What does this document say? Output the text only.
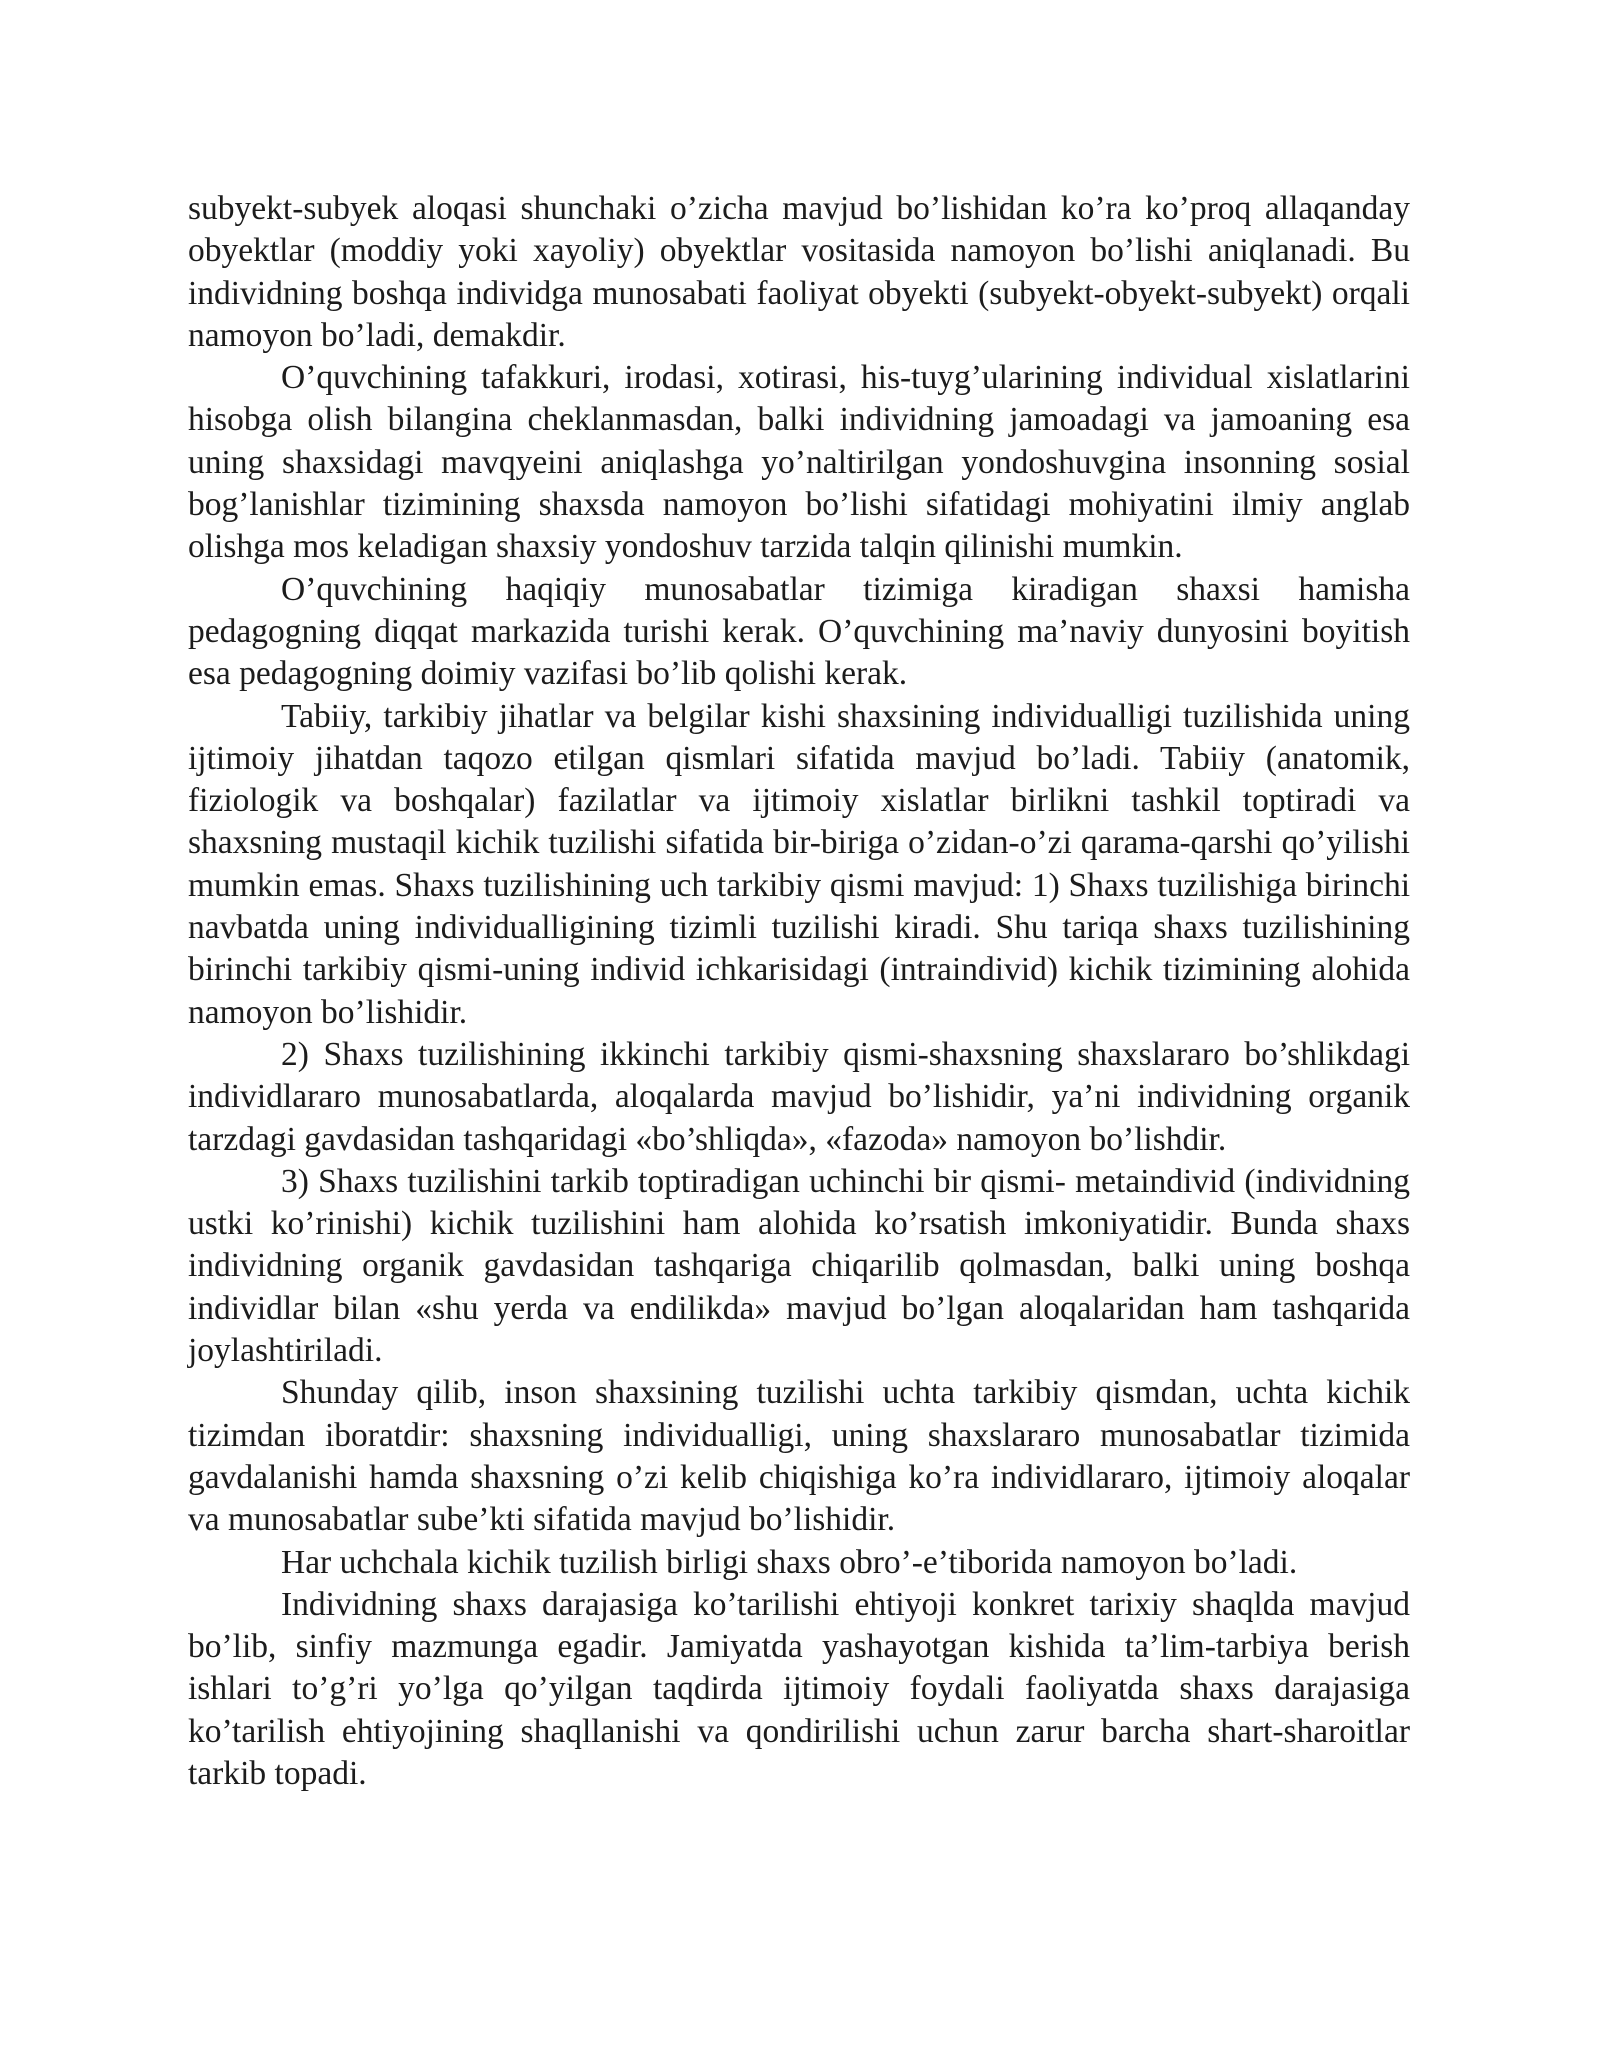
subyekt-subyek aloqasi shunchaki o’zicha mavjud bo’lishidan ko’ra ko’proq allaqanday obyektlar (moddiy yoki xayoliy) obyektlar vositasida namoyon bo’lishi aniqlanadi. Bu individning boshqa individga munosabati faoliyat obyekti (subyekt-obyekt-subyekt) orqali namoyon bo’ladi, demakdir.

O’quvchining tafakkuri, irodasi, xotirasi, his-tuyg’ularining individual xislatlarini hisobga olish bilangina cheklanmasdan, balki individning jamoadagi va jamoaning esa uning shaxsidagi mavqyeini aniqlashga yo’naltirilgan yondoshuvgina insonning sosial bog’lanishlar tizimining shaxsda namoyon bo’lishi sifatidagi mohiyatini ilmiy anglab olishga mos keladigan shaxsiy yondoshuv tarzida talqin qilinishi mumkin.

O’quvchining haqiqiy munosabatlar tizimiga kiradigan shaxsi hamisha pedagogning diqqat markazida turishi kerak. O’quvchining ma’naviy dunyosini boyitish esa pedagogning doimiy vazifasi bo’lib qolishi kerak.

Tabiiy, tarkibiy jihatlar va belgilar kishi shaxsining individualligi tuzilishida uning ijtimoiy jihatdan taqozo etilgan qismlari sifatida mavjud bo’ladi. Tabiiy (anatomik, fiziologik va boshqalar) fazilatlar va ijtimoiy xislatlar birlikni tashkil toptiradi va shaxsning mustaqil kichik tuzilishi sifatida bir-biriga o’zidan-o’zi qarama-qarshi qo’yilishi mumkin emas. Shaxs tuzilishining uch tarkibiy qismi mavjud: 1) Shaxs tuzilishiga birinchi navbatda uning individualligining tizimli tuzilishi kiradi. Shu tariqa shaxs tuzilishining birinchi tarkibiy qismi-uning individ ichkarisidagi (intraindivid) kichik tizimining alohida namoyon bo’lishidir.

2) Shaxs tuzilishining ikkinchi tarkibiy qismi-shaxsning shaxslararo bo’shlikdagi individlararo munosabatlarda, aloqalarda mavjud bo’lishidir, ya’ni individning organik tarzdagi gavdasidan tashqaridagi «bo’shliqda», «fazoda» namoyon bo’lishdir.

3) Shaxs tuzilishini tarkib toptiradigan uchinchi bir qismi- metaindivid (individning ustki ko’rinishi) kichik tuzilishini ham alohida ko’rsatish imkoniyatidir. Bunda shaxs individning organik gavdasidan tashqariga chiqarilib qolmasdan, balki uning boshqa individlar bilan «shu yerda va endilikda» mavjud bo’lgan aloqalaridan ham tashqarida joylashtiriladi.

Shunday qilib, inson shaxsining tuzilishi uchta tarkibiy qismdan, uchta kichik tizimdan iboratdir: shaxsning individualligi, uning shaxslararo munosabatlar tizimida gavdalanishi hamda shaxsning o’zi kelib chiqishiga ko’ra individlararo, ijtimoiy aloqalar va munosabatlar sube’kti sifatida mavjud bo’lishidir.

Har uchchala kichik tuzilish birligi shaxs obro’-e’tiborida namoyon bo’ladi.

Individning shaxs darajasiga ko’tarilishi ehtiyoji konkret tarixiy shaqlda mavjud bo’lib, sinfiy mazmunga egadir. Jamiyatda yashayotgan kishida ta’lim-tarbiya berish ishlari to’g’ri yo’lga qo’yilgan taqdirda ijtimoiy foydali faoliyatda shaxs darajasiga ko’tarilish ehtiyojining shaqllanishi va qondirilishi uchun zarur barcha shart-sharoitlar tarkib topadi.
